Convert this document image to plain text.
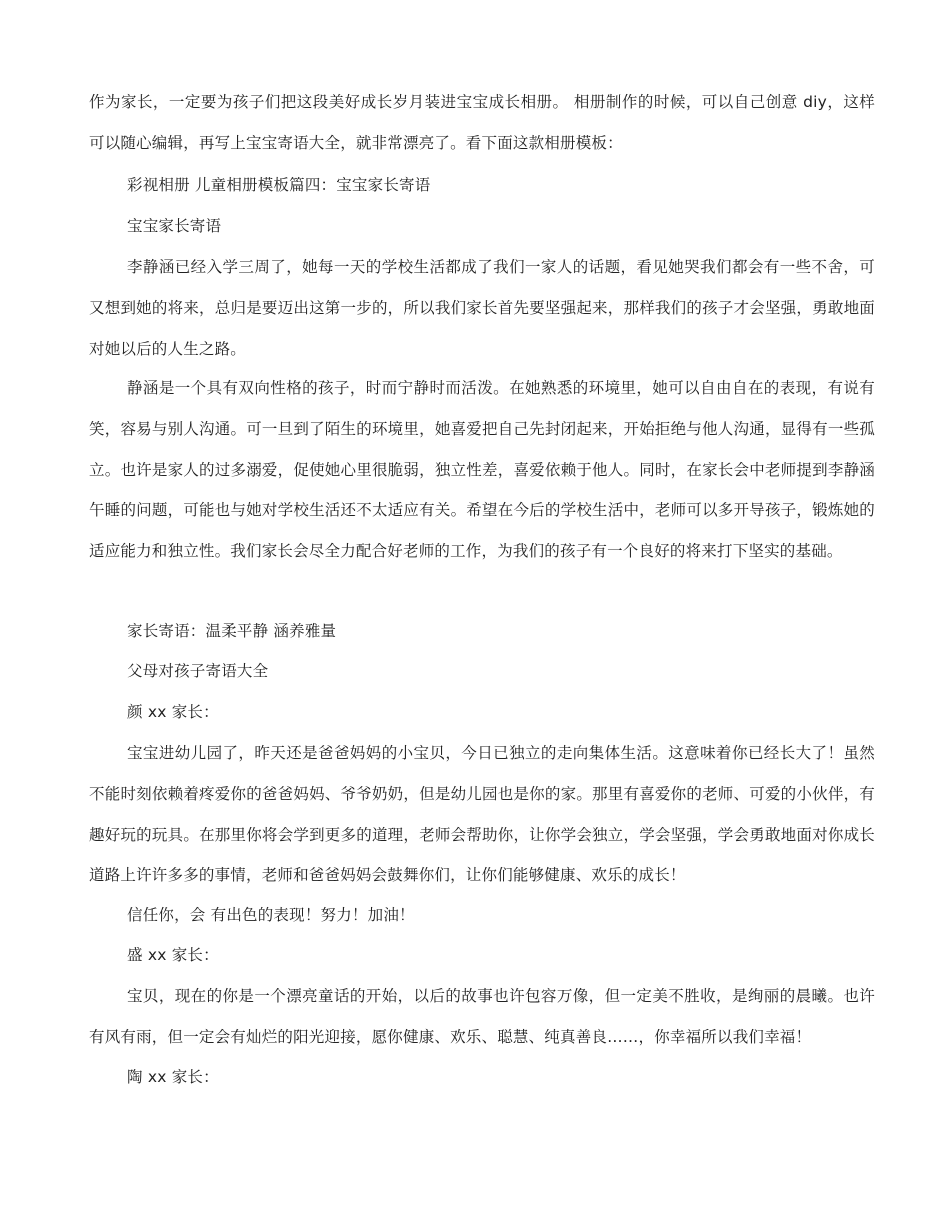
作为家长，一定要为孩子们把这段美好成长岁月装进宝宝成长相册。 相册制作的时候，可以自己创意 diy，这样可以随心编辑，再写上宝宝寄语大全，就非常漂亮了。看下面这款相册模板：

彩视相册 儿童相册模板篇四：宝宝家长寄语

宝宝家长寄语

李静涵已经入学三周了，她每一天的学校生活都成了我们一家人的话题，看见她哭我们都会有一些不舍，可又想到她的将来，总归是要迈出这第一步的，所以我们家长首先要坚强起来，那样我们的孩子才会坚强，勇敢地面对她以后的人生之路。

静涵是一个具有双向性格的孩子，时而宁静时而活泼。在她熟悉的环境里，她可以自由自在的表现，有说有笑，容易与别人沟通。可一旦到了陌生的环境里，她喜爱把自己先封闭起来，开始拒绝与他人沟通，显得有一些孤立。也许是家人的过多溺爱，促使她心里很脆弱，独立性差，喜爱依赖于他人。同时，在家长会中老师提到李静涵午睡的问题，可能也与她对学校生活还不太适应有关。希望在今后的学校生活中，老师可以多开导孩子，锻炼她的适应能力和独立性。我们家长会尽全力配合好老师的工作，为我们的孩子有一个良好的将来打下坚实的基础。

家长寄语：温柔平静 涵养雅量

父母对孩子寄语大全

颜 xx 家长：

宝宝进幼儿园了，昨天还是爸爸妈妈的小宝贝，今日已独立的走向集体生活。这意味着你已经长大了！虽然不能时刻依赖着疼爱你的爸爸妈妈、爷爷奶奶，但是幼儿园也是你的家。那里有喜爱你的老师、可爱的小伙伴，有趣好玩的玩具。在那里你将会学到更多的道理，老师会帮助你，让你学会独立，学会坚强，学会勇敢地面对你成长道路上许许多多的事情，老师和爸爸妈妈会鼓舞你们，让你们能够健康、欢乐的成长！

信任你，会 有出色的表现！努力！加油！

盛 xx 家长：

宝贝，现在的你是一个漂亮童话的开始，以后的故事也许包容万像，但一定美不胜收，是绚丽的晨曦。也许有风有雨，但一定会有灿烂的阳光迎接，愿你健康、欢乐、聪慧、纯真善良……，你幸福所以我们幸福！

陶 xx 家长：
